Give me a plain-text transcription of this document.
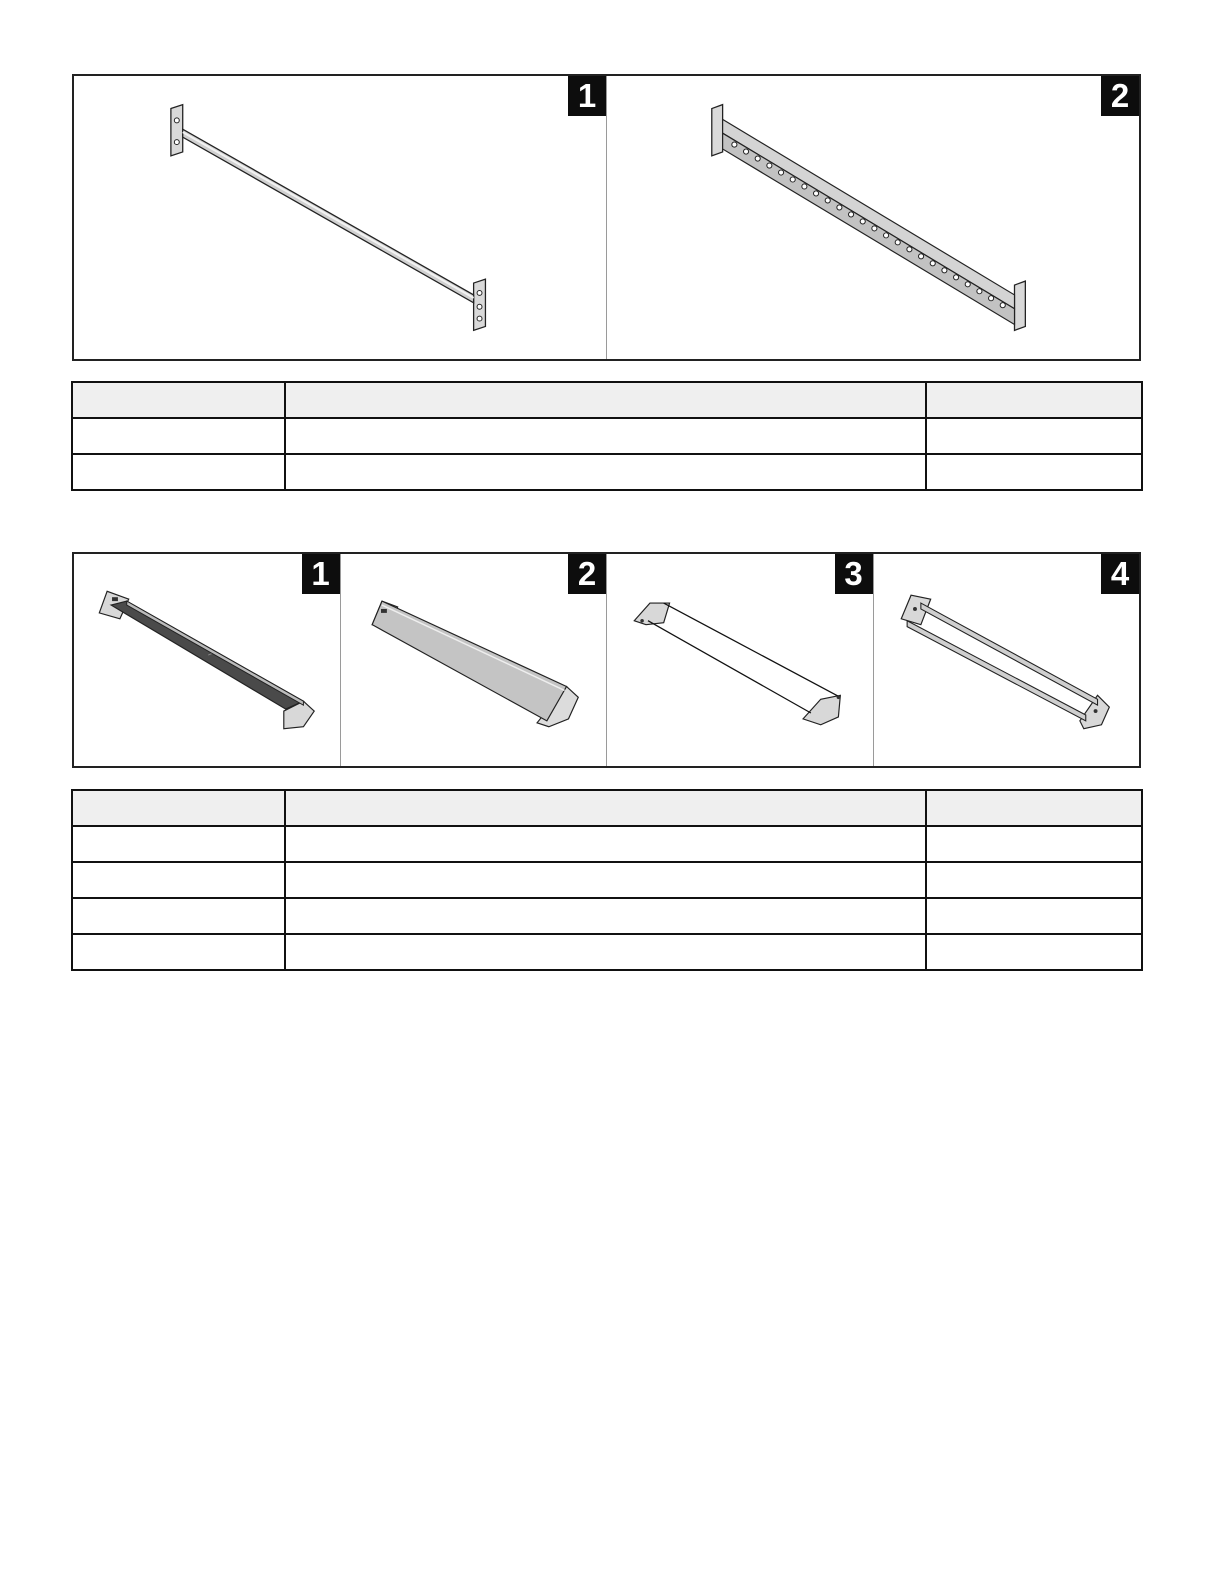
1	2

1	2	3	4
